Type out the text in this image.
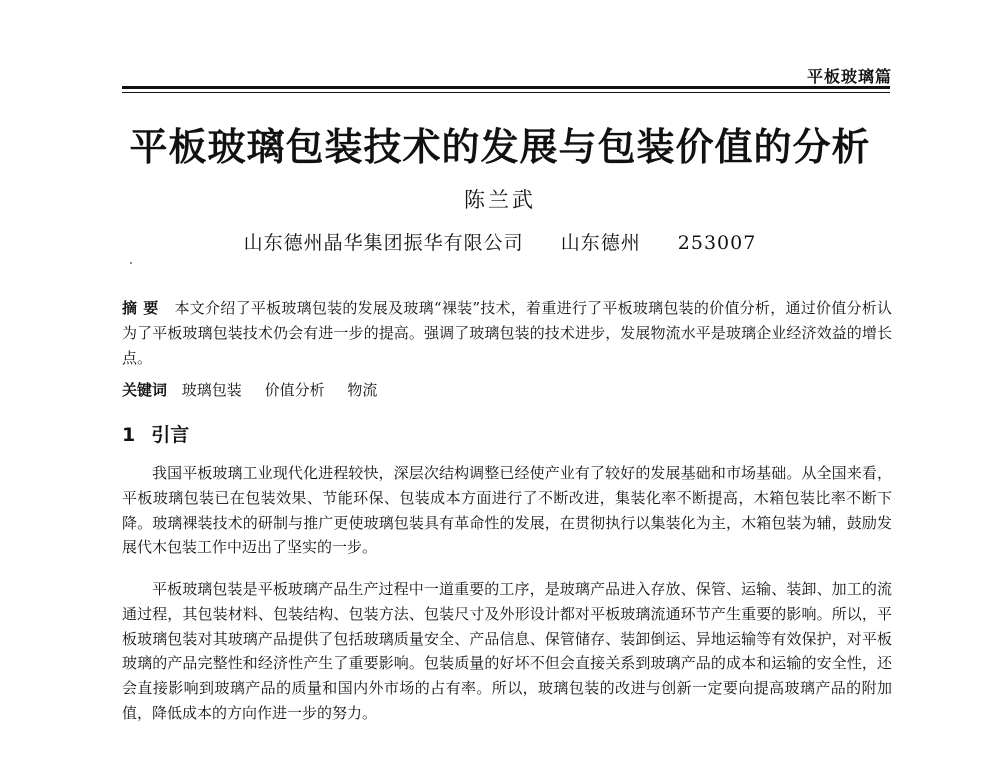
平板玻璃篇
平板玻璃包装技术的发展与包装价值的分析
陈兰武
山东德州晶华集团振华有限公司 山东德州 253007
摘要 本文介绍了平板玻璃包装的发展及玻璃“裸装”技术，着重进行了平板玻璃包装的价值分析，通过价值分析认为了平板玻璃包装技术仍会有进一步的提高。强调了玻璃包装的技术进步，发展物流水平是玻璃企业经济效益的增长点。
关键词 玻璃包装 价值分析 物流
1 引言
我国平板玻璃工业现代化进程较快，深层次结构调整已经使产业有了较好的发展基础和市场基础。从全国来看，平板玻璃包装已在包装效果、节能环保、包装成本方面进行了不断改进，集装化率不断提高，木箱包装比率不断下降。玻璃裸装技术的研制与推广更使玻璃包装具有革命性的发展，在贯彻执行以集装化为主，木箱包装为辅，鼓励发展代木包装工作中迈出了坚实的一步。
平板玻璃包装是平板玻璃产品生产过程中一道重要的工序，是玻璃产品进入存放、保管、运输、装卸、加工的流通过程，其包装材料、包装结构、包装方法、包装尺寸及外形设计都对平板玻璃流通环节产生重要的影响。所以，平板玻璃包装对其玻璃产品提供了包括玻璃质量安全、产品信息、保管储存、装卸倒运、异地运输等有效保护，对平板玻璃的产品完整性和经济性产生了重要影响。包装质量的好坏不但会直接关系到玻璃产品的成本和运输的安全性，还会直接影响到玻璃产品的质量和国内外市场的占有率。所以，玻璃包装的改进与创新一定要向提高玻璃产品的附加值，降低成本的方向作进一步的努力。
